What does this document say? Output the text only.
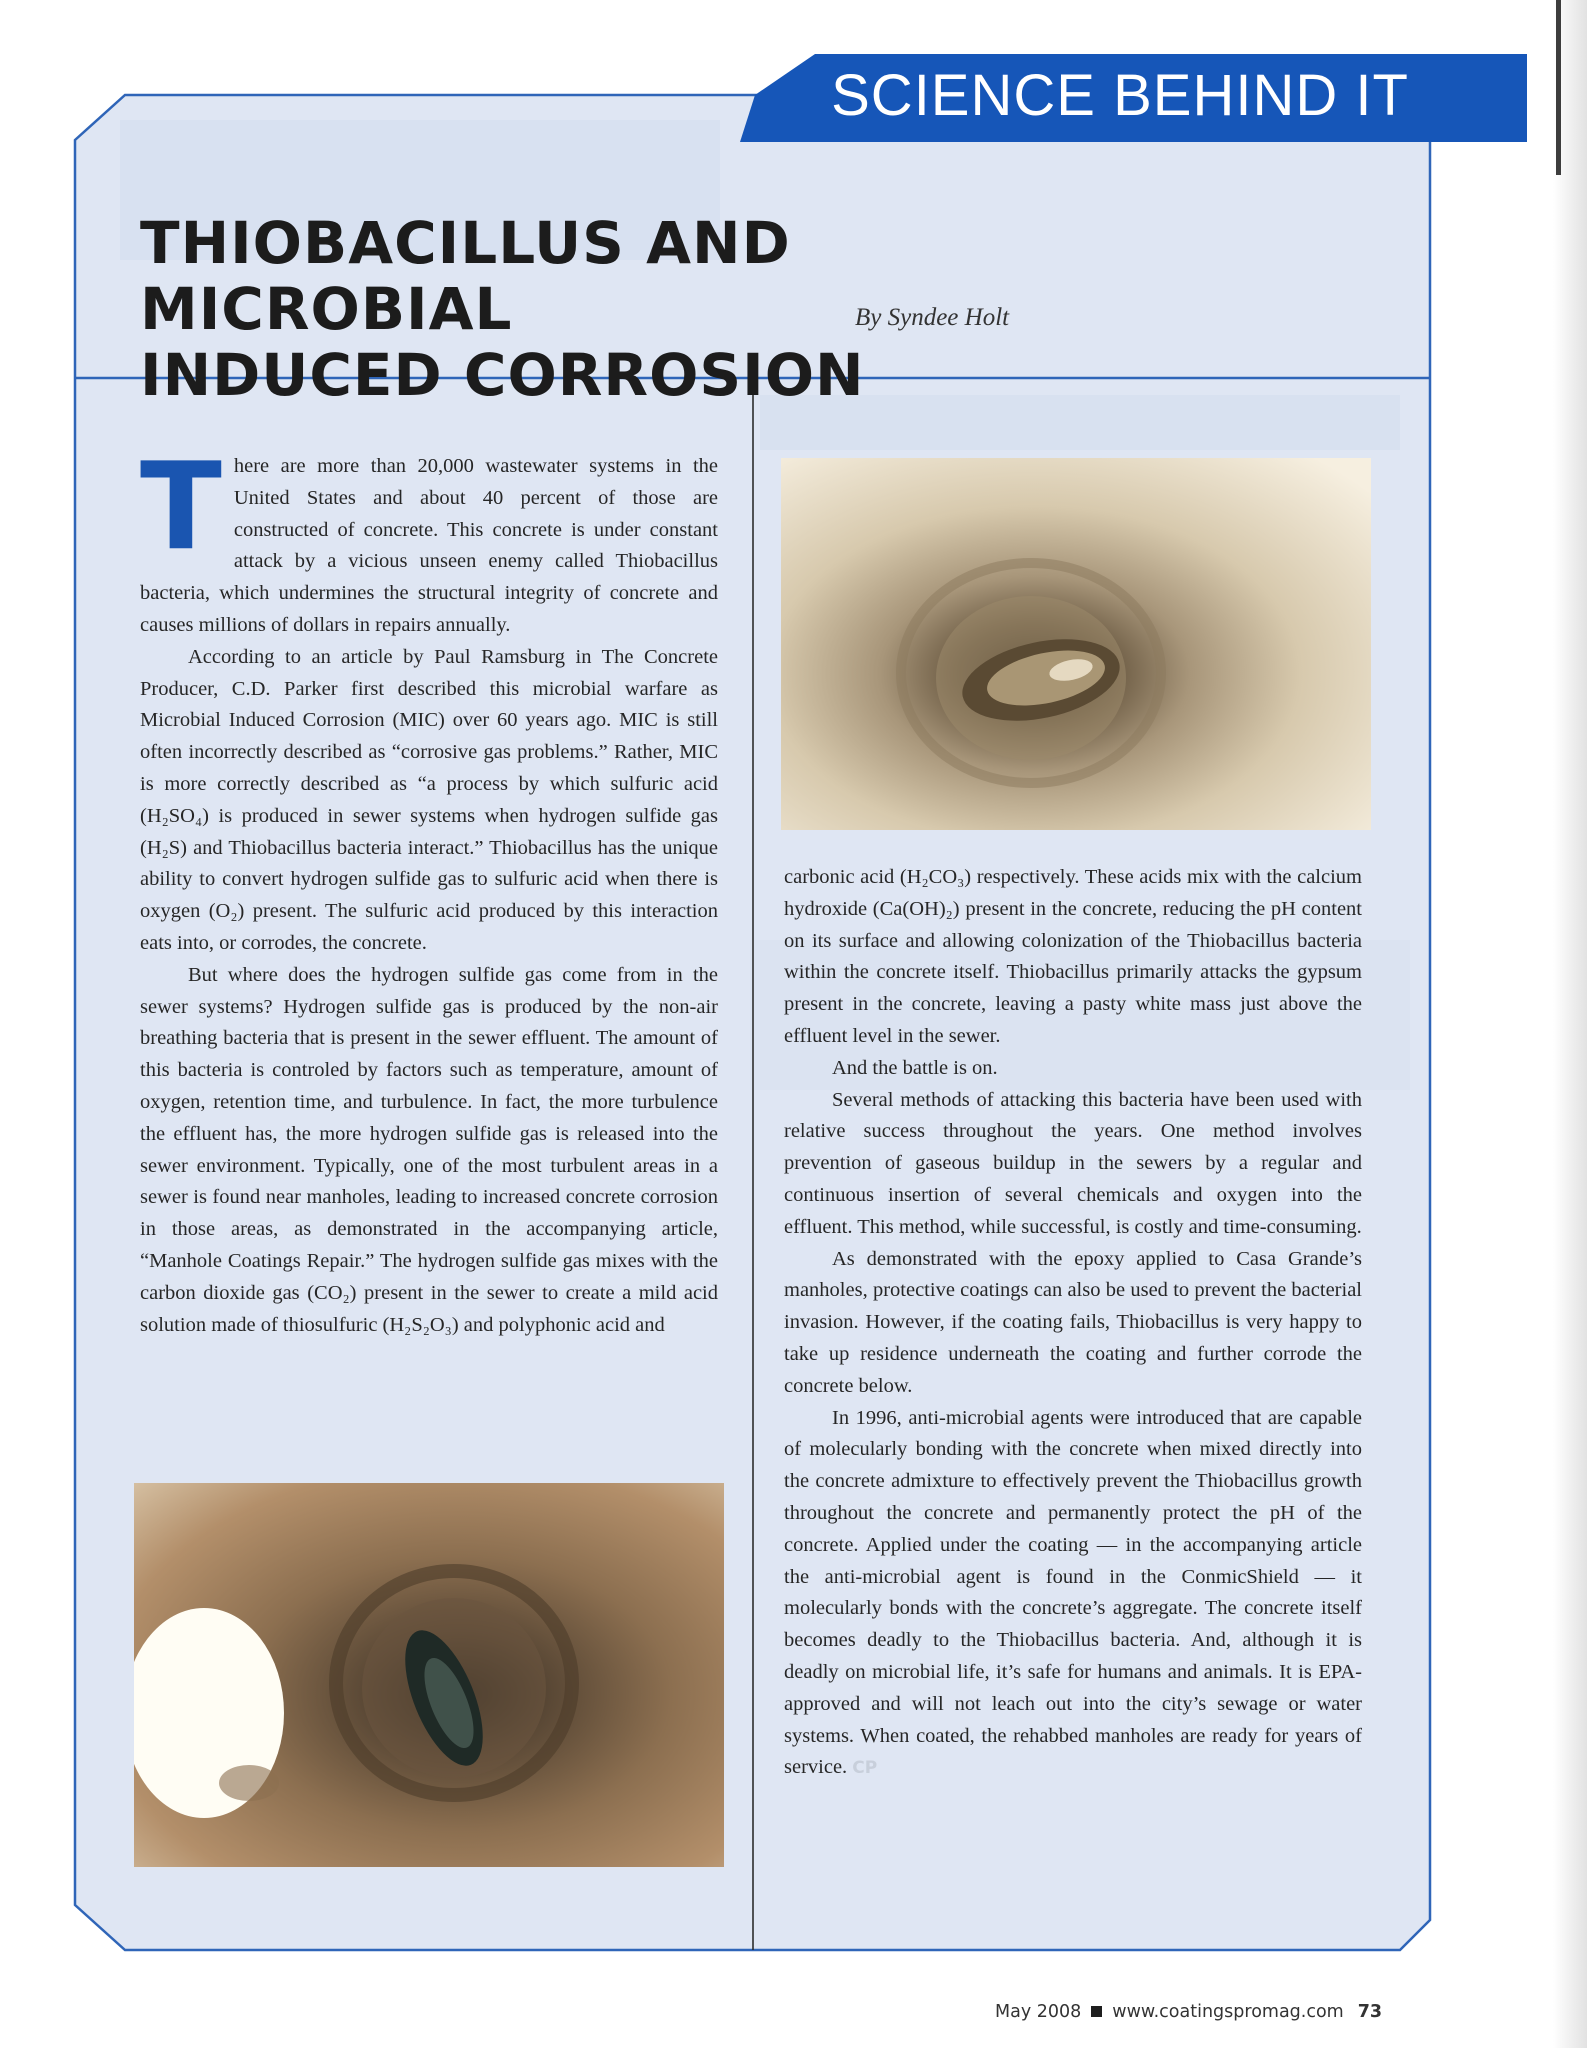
SCIENCE BEHIND IT
THIOBACILLUS AND MICROBIAL
INDUCED CORROSION

By Syndee Holt

There are more than 20,000 wastewater systems in the United States and about 40 percent of those are constructed of concrete. This concrete is under constant attack by a vicious unseen enemy called Thiobacillus bacteria, which undermines the structural integrity of concrete and causes millions of dollars in repairs annually.

According to an article by Paul Ramsburg in The Concrete Producer, C.D. Parker first described this microbial warfare as Microbial Induced Corrosion (MIC) over 60 years ago. MIC is still often incorrectly described as “corrosive gas problems.” Rather, MIC is more correctly described as “a process by which sulfuric acid (H₂SO₄) is produced in sewer systems when hydrogen sulfide gas (H₂S) and Thiobacillus bacteria interact.” Thiobacillus has the unique ability to convert hydrogen sulfide gas to sulfuric acid when there is oxygen (O₂) present. The sulfuric acid produced by this interaction eats into, or corrodes, the concrete.

But where does the hydrogen sulfide gas come from in the sewer systems? Hydrogen sulfide gas is produced by the non-air breathing bacteria that is present in the sewer effluent. The amount of this bacteria is controled by factors such as temperature, amount of oxygen, retention time, and turbulence. In fact, the more turbulence the effluent has, the more hydrogen sulfide gas is released into the sewer environment. Typically, one of the most turbulent areas in a sewer is found near manholes, leading to increased concrete corrosion in those areas, as demonstrated in the accompanying article, “Manhole Coatings Repair.” The hydrogen sulfide gas mixes with the carbon dioxide gas (CO₂) present in the sewer to create a mild acid solution made of thiosulfuric (H₂S₂O₃) and polyphonic acid and

carbonic acid (H₂CO₃) respectively. These acids mix with the calcium hydroxide (Ca(OH)₂) present in the concrete, reducing the pH content on its surface and allowing colonization of the Thiobacillus bacteria within the concrete itself. Thiobacillus primarily attacks the gypsum present in the concrete, leaving a pasty white mass just above the effluent level in the sewer.

And the battle is on.

Several methods of attacking this bacteria have been used with relative success throughout the years. One method involves prevention of gaseous buildup in the sewers by a regular and continuous insertion of several chemicals and oxygen into the effluent. This method, while successful, is costly and time-consuming.

As demonstrated with the epoxy applied to Casa Grande’s manholes, protective coatings can also be used to prevent the bacterial invasion. However, if the coating fails, Thiobacillus is very happy to take up residence underneath the coating and further corrode the concrete below.

In 1996, anti-microbial agents were introduced that are capable of molecularly bonding with the concrete when mixed directly into the concrete admixture to effectively prevent the Thiobacillus growth throughout the concrete and permanently protect the pH of the concrete. Applied under the coating — in the accompanying article the anti-microbial agent is found in the ConmicShield — it molecularly bonds with the concrete’s aggregate. The concrete itself becomes deadly to the Thiobacillus bacteria. And, although it is deadly on microbial life, it’s safe for humans and animals. It is EPA-approved and will not leach out into the city’s sewage or water systems. When coated, the rehabbed manholes are ready for years of service. CP

May 2008 www.coatingspromag.com 73
